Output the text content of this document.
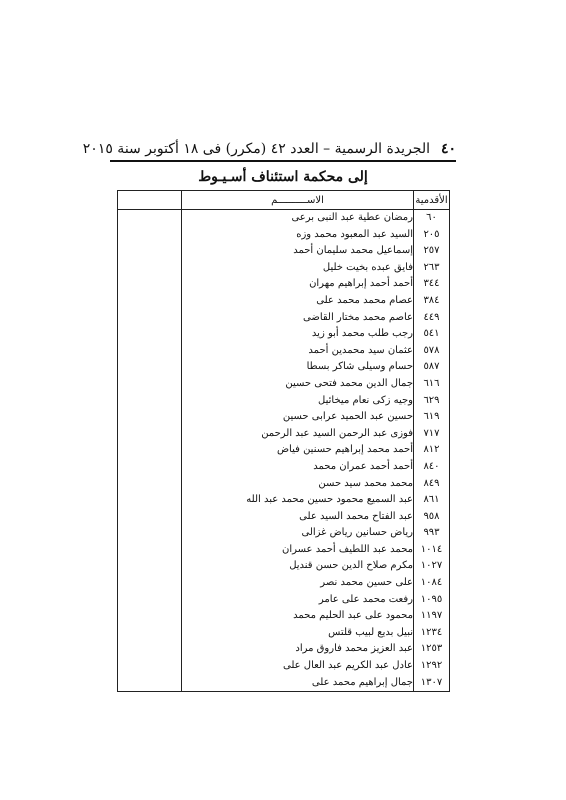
٤٠
الجريدة الرسمية – العدد ٤٢ (مكرر) فى ١٨ أكتوبر سنة ٢٠١٥
إلى محكمة استئناف أسـيـوط
الأقدمية	الاســــــــــم	
٦٠	رمضان عطية عبد النبى برعى	
٢٠٥	السيد عبد المعبود محمد وزه	
٢٥٧	إسماعيل محمد سليمان أحمد	
٢٦٣	فايق عبده بخيت خليل	
٣٤٤	أحمد أحمد إبراهيم مهران	
٣٨٤	عصام محمد محمد على	
٤٤٩	عاصم محمد مختار القاضى	
٥٤١	رجب طلب محمد أبو زيد	
٥٧٨	عثمان سيد محمدين أحمد	
٥٨٧	حسام وسيلى شاكر بسطا	
٦١٦	جمال الدين محمد فتحى حسين	
٦٢٩	وجيه زكى نعام ميخائيل	
٦١٩	حسين عبد الحميد عرابى حسين	
٧١٧	فوزى عبد الرحمن السيد عبد الرحمن	
٨١٢	أحمد محمد إبراهيم حسنين فياض	
٨٤٠	أحمد أحمد عمران محمد	
٨٤٩	محمد محمد سيد حسن	
٨٦١	عبد السميع محمود حسين محمد عبد الله	
٩٥٨	عبد الفتاح محمد السيد على	
٩٩٣	رياض حسانين رياض غزالى	
١٠١٤	محمد عبد اللطيف أحمد عسران	
١٠٢٧	مكرم صلاح الدين حسن قنديل	
١٠٨٤	على حسين محمد نصر	
١٠٩٥	رفعت محمد على عامر	
١١٩٧	محمود على عبد الحليم محمد	
١٢٣٤	نبيل بديع لبيب قلتس	
١٢٥٣	عبد العزيز محمد فاروق مراد	
١٢٩٢	عادل عبد الكريم عبد العال على	
١٣٠٧	جمال إبراهيم محمد على	
